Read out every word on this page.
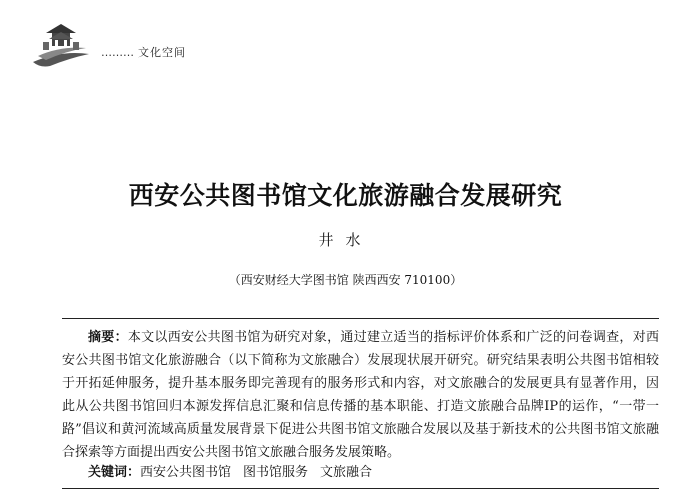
……… 文化空间
西安公共图书馆文化旅游融合发展研究
井水
（西安财经大学图书馆 陕西西安 710100）
摘要：本文以西安公共图书馆为研究对象，通过建立适当的指标评价体系和广泛的问卷调查，对西安公共图书馆文化旅游融合（以下简称为文旅融合）发展现状展开研究。研究结果表明公共图书馆相较于开拓延伸服务，提升基本服务即完善现有的服务形式和内容，对文旅融合的发展更具有显著作用，因此从公共图书馆回归本源发挥信息汇聚和信息传播的基本职能、打造文旅融合品牌IP的运作，“一带一路”倡议和黄河流域高质量发展背景下促进公共图书馆文旅融合发展以及基于新技术的公共图书馆文旅融合探索等方面提出西安公共图书馆文旅融合服务发展策略。
关键词：西安公共图书馆 图书馆服务 文旅融合
